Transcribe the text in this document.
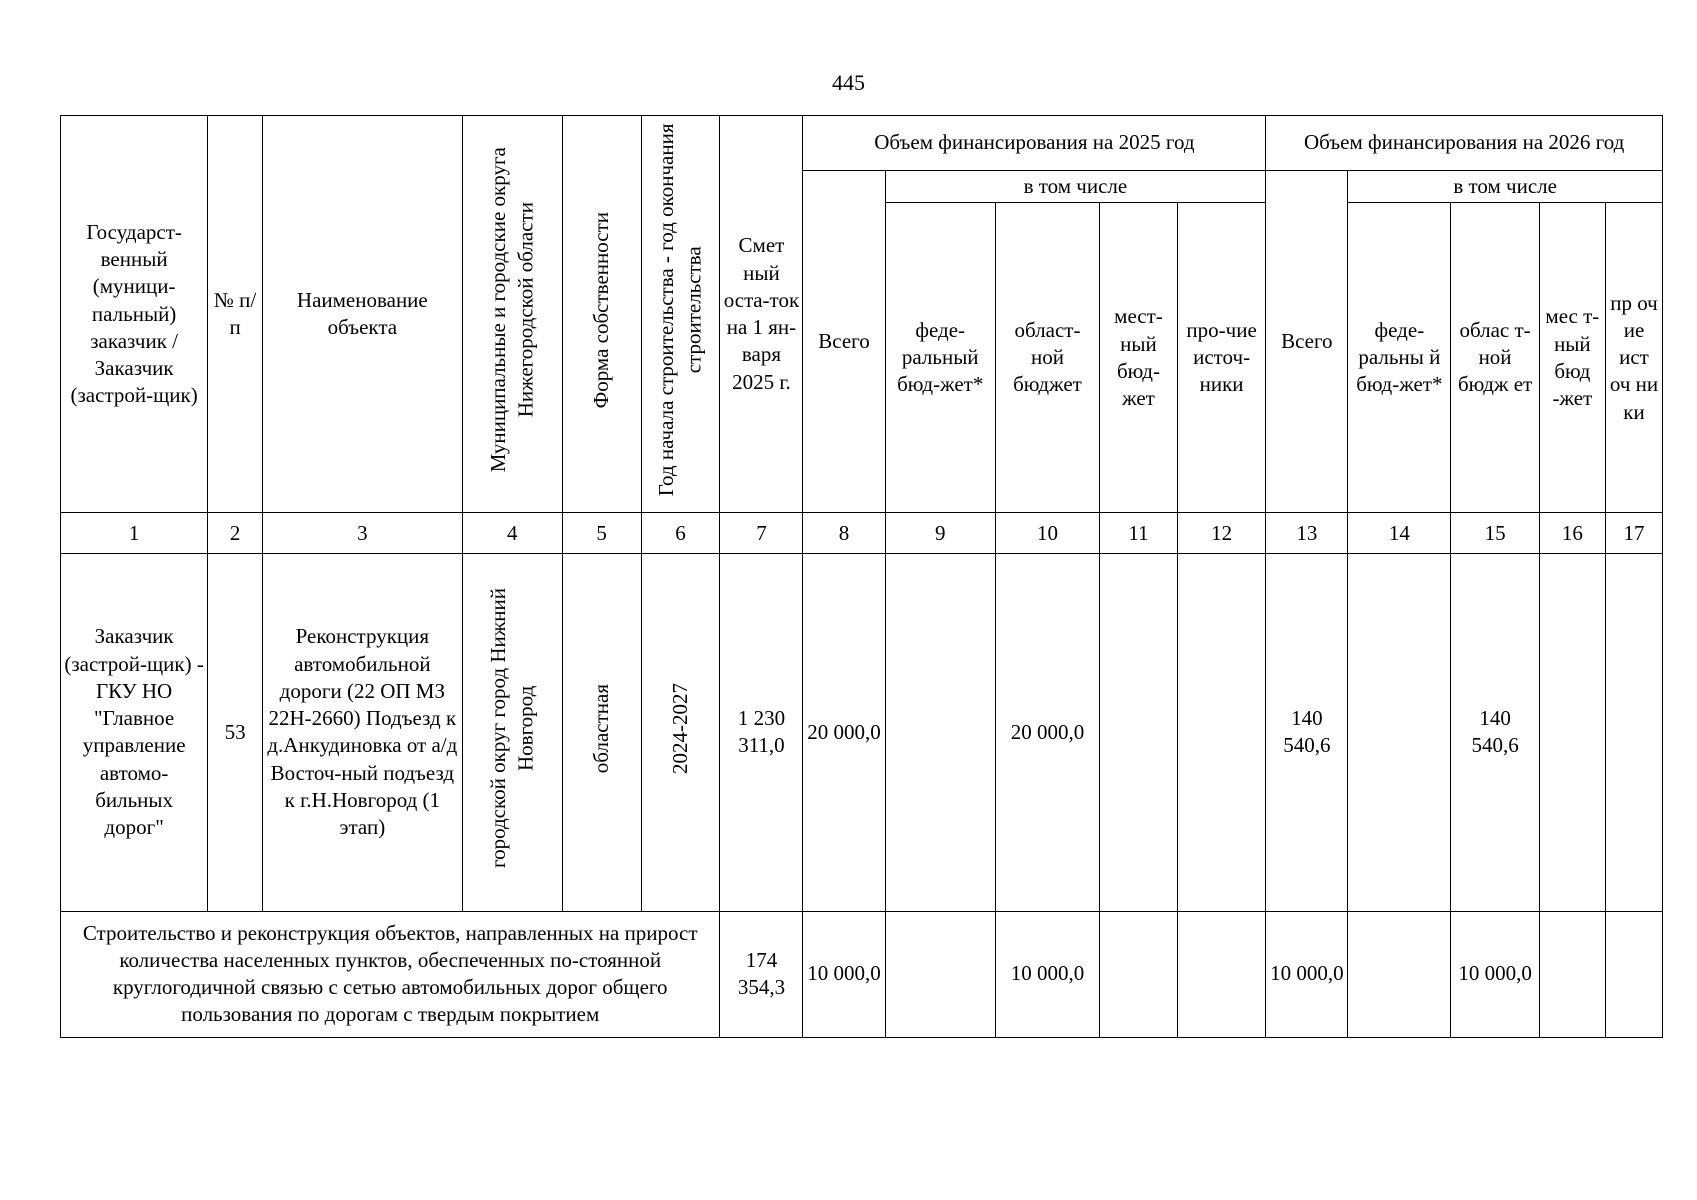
445
Государст-венный (муници-пальный) заказчик / Заказчик (застрой-щик)	№ п/п	Наименование объекта	Муниципальные и городские округа Нижегородской области	Форма собственности	Год начала строительства - год окончания строительства	Смет ный остa-ток на 1 ян-варя 2025 г.	Объем финансирования на 2025 год					Объем финансирования на 2026 год				
							Всего	в том числе				Всего	в том числе			
								феде-ральный бюд-жет*	област-ной бюджет	мест-ный бюд-жет	про-чие источ-ники		феде-ральны й бюд-жет*	облас т-ной бюдж ет	мес т-ный бюд -жет	пр оч ие ист оч ни ки
1	2	3	4	5	6	7	8	9	10	11	12	13	14	15	16	17
Заказчик (застрой-щик) - ГКУ НО "Главное управление автомо-бильных дорог"	53	Реконструкция автомобильной дороги (22 ОП МЗ 22Н-2660) Подъезд к д.Анкудиновка от а/д Восточ-ный подъезд к г.Н.Новгород (1 этап)	городской округ город Нижний Новгород	областная	2024-2027	1 230 311,0	20 000,0		20 000,0			140 540,6		140 540,6		
Строительство и реконструкция объектов, направленных на прирост количества населенных пунктов, обеспеченных по-стоянной круглогодичной связью с сетью автомобильных дорог общего пользования по дорогам с твердым покрытием						174 354,3	10 000,0		10 000,0			10 000,0		10 000,0		
